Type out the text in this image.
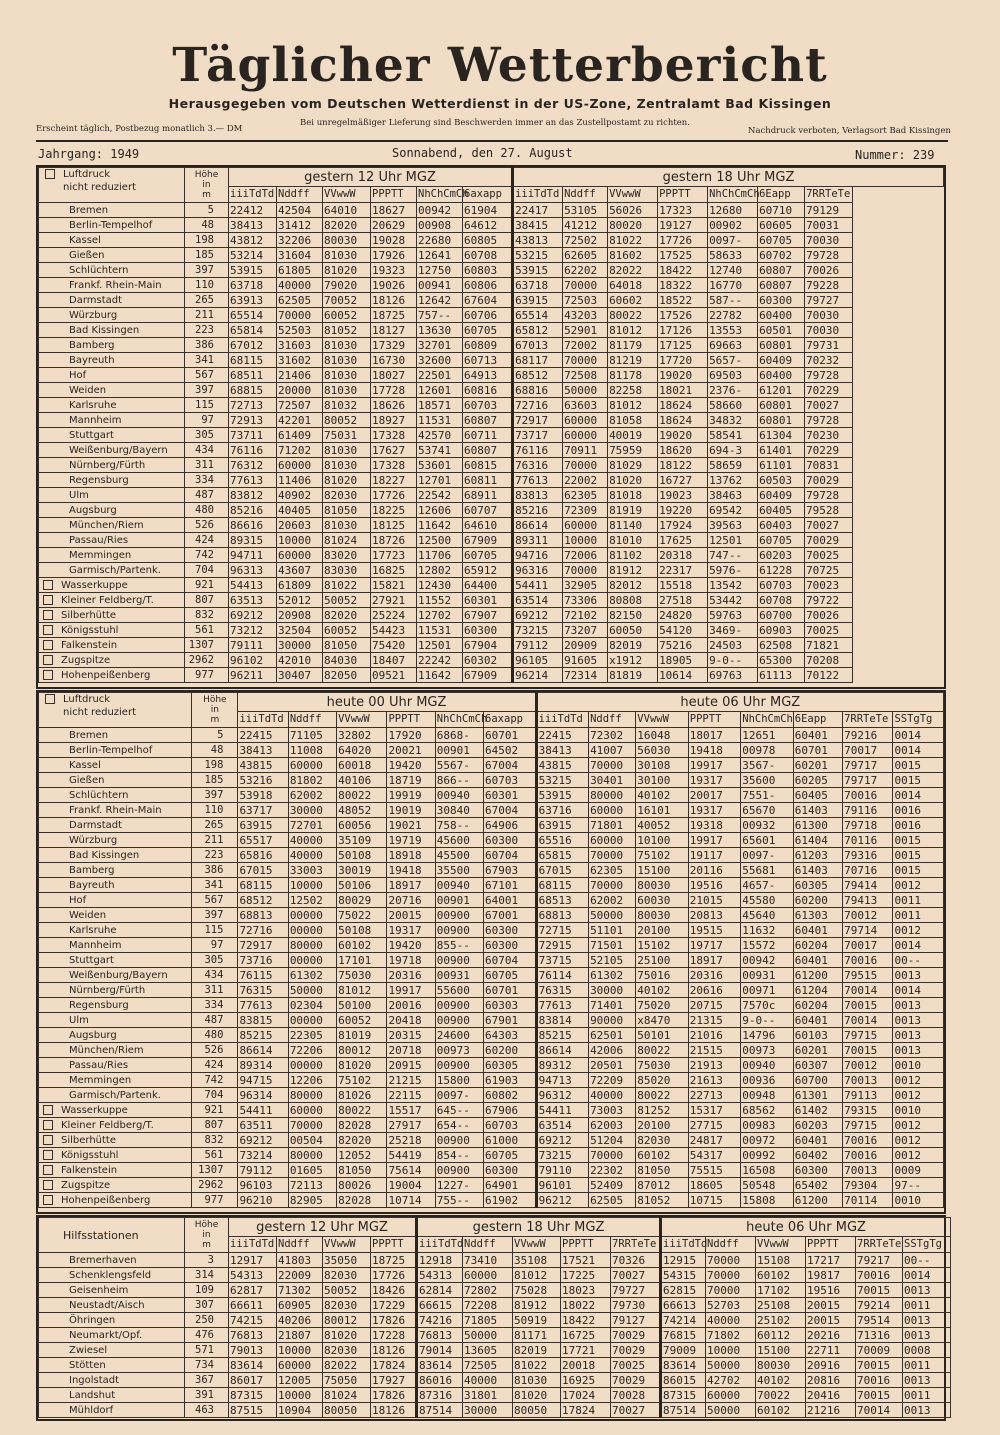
Täglicher Wetterbericht
Herausgegeben vom Deutschen Wetterdienst in der US-Zone, Zentralamt Bad Kissingen
Erscheint täglich, Postbezug monatlich 3.— DM
Bei unregelmäßiger Lieferung sind Beschwerden immer an das Zustellpostamt zu richten.
Nachdruck verboten, Verlagsort Bad Kissingen
Jahrgang: 1949	Sonnabend, den 27. August	Nummer: 239
Luftdruck
nicht reduziert	Höhe
in
m	gestern 12 Uhr MGZ						gestern 18 Uhr MGZ						
		iiiTdTd	Nddff	VVwwW	PPPTT	NhChCmCh	6axapp	iiiTdTd	Nddff	VVwwW	PPPTT	NhChCmCh	6Eapp	7RRTeTe
Bremen	5	22412	42504	64010	18627	00942	61904	22417	53105	56026	17323	12680	60710	79129
Berlin-Tempelhof	48	38413	31412	82020	20629	00908	64612	38415	41212	80020	19127	00902	60605	70031
Kassel	198	43812	32206	80030	19028	22680	60805	43813	72502	81022	17726	0097-	60705	70030
Gießen	185	53214	31604	81030	17926	12641	60708	53215	62605	81602	17525	58633	60702	79728
Schlüchtern	397	53915	61805	81020	19323	12750	60803	53915	62202	82022	18422	12740	60807	70026
Frankf. Rhein-Main	110	63718	40000	79020	19026	00941	60806	63718	70000	64018	18322	16770	60807	79228
Darmstadt	265	63913	62505	70052	18126	12642	67604	63915	72503	60602	18522	587--	60300	79727
Würzburg	211	65514	70000	60052	18725	757--	60706	65514	43203	80022	17526	22782	60400	70030
Bad Kissingen	223	65814	52503	81052	18127	13630	60705	65812	52901	81012	17126	13553	60501	70030
Bamberg	386	67012	31603	81030	17329	32701	60809	67013	72002	81179	17125	69663	60801	79731
Bayreuth	341	68115	31602	81030	16730	32600	60713	68117	70000	81219	17720	5657-	60409	70232
Hof	567	68511	21406	81030	18027	22501	64913	68512	72508	81178	19020	69503	60400	79728
Weiden	397	68815	20000	81030	17728	12601	60816	68816	50000	82258	18021	2376-	61201	70229
Karlsruhe	115	72713	72507	81032	18626	18571	60703	72716	63603	81012	18624	58660	60801	70027
Mannheim	97	72913	42201	80052	18927	11531	60807	72917	60000	81058	18624	34832	60801	79728
Stuttgart	305	73711	61409	75031	17328	42570	60711	73717	60000	40019	19020	58541	61304	70230
Weißenburg/Bayern	434	76116	71202	81030	17627	53741	60807	76116	70911	75959	18620	694-3	61401	70229
Nürnberg/Fürth	311	76312	60000	81030	17328	53601	60815	76316	70000	81029	18122	58659	61101	70831
Regensburg	334	77613	11406	81020	18227	12701	60811	77613	22002	81020	16727	13762	60503	70029
Ulm	487	83812	40902	82030	17726	22542	68911	83813	62305	81018	19023	38463	60409	79728
Augsburg	480	85216	40405	81050	18225	12606	60707	85216	72309	81919	19220	69542	60405	79528
München/Riem	526	86616	20603	81030	18125	11642	64610	86614	60000	81140	17924	39563	60403	70027
Passau/Ries	424	89315	10000	81024	18726	12500	67909	89311	10000	81010	17625	12501	60705	70029
Memmingen	742	94711	60000	83020	17723	11706	60705	94716	72006	81102	20318	747--	60203	70025
Garmisch/Partenk.	704	96313	43607	83030	16825	12802	65912	96316	70000	81912	22317	5976-	61228	70725
Wasserkuppe	921	54413	61809	81022	15821	12430	64400	54411	32905	82012	15518	13542	60703	70023
Kleiner Feldberg/T.	807	63513	52012	50052	27921	11552	60301	63514	73306	80808	27518	53442	60708	79722
Silberhütte	832	69212	20908	82020	25224	12702	67907	69212	72102	82150	24820	59763	60700	70026
Königsstuhl	561	73212	32504	60052	54423	11531	60300	73215	73207	60050	54120	3469-	60903	70025
Falkenstein	1307	79111	30000	81050	75420	12501	67904	79112	20909	82019	75216	24503	62508	71821
Zugspitze	2962	96102	42010	84030	18407	22242	60302	96105	91605	x1912	18905	9-0--	65300	70208
Hohenpeißenberg	977	96211	30407	82050	09521	11642	67909	96214	72314	81819	10614	69763	61113	70122
Luftdruck
nicht reduziert	Höhe
in
m	heute 00 Uhr MGZ						heute 06 Uhr MGZ							
		iiiTdTd	Nddff	VVwwW	PPPTT	NhChCmCh	6axapp	iiiTdTd	Nddff	VVwwW	PPPTT	NhChCmCh	6Eapp	7RRTeTe	SSTgTg
Bremen	5	22415	71105	32802	17920	6868-	60701	22415	72302	16048	18017	12651	60401	79216	0014
Berlin-Tempelhof	48	38413	11008	64020	20021	00901	64502	38413	41007	56030	19418	00978	60701	70017	0014
Kassel	198	43815	60000	60018	19420	5567-	67004	43815	70000	30108	19917	3567-	60201	79717	0015
Gießen	185	53216	81802	40106	18719	866--	60703	53215	30401	30100	19317	35600	60205	79717	0015
Schlüchtern	397	53918	62002	80022	19919	00940	60301	53915	80000	40102	20017	7551-	60405	70016	0014
Frankf. Rhein-Main	110	63717	30000	48052	19019	30840	67004	63716	60000	16101	19317	65670	61403	79116	0016
Darmstadt	265	63915	72701	60056	19021	758--	64906	63915	71801	40052	19318	00932	61300	79718	0016
Würzburg	211	65517	40000	35109	19719	45600	60300	65516	60000	10100	19917	65601	61404	70116	0015
Bad Kissingen	223	65816	40000	50108	18918	45500	60704	65815	70000	75102	19117	0097-	61203	79316	0015
Bamberg	386	67015	33003	30019	19418	35500	67903	67015	62305	15100	20116	55681	61403	70716	0015
Bayreuth	341	68115	10000	50106	18917	00940	67101	68115	70000	80030	19516	4657-	60305	79414	0012
Hof	567	68512	12502	80029	20716	00901	64001	68513	62002	60030	21015	45580	60200	79413	0011
Weiden	397	68813	00000	75022	20015	00900	67001	68813	50000	80030	20813	45640	61303	70012	0011
Karlsruhe	115	72716	00000	50108	19317	00900	60300	72715	51101	20100	19515	11632	60401	79714	0012
Mannheim	97	72917	80000	60102	19420	855--	60300	72915	71501	15102	19717	15572	60204	70017	0014
Stuttgart	305	73716	00000	17101	19718	00900	60704	73715	52105	25100	18917	00942	60401	70016	00--
Weißenburg/Bayern	434	76115	61302	75030	20316	00931	60705	76114	61302	75016	20316	00931	61200	79515	0013
Nürnberg/Fürth	311	76315	50000	81012	19917	55600	60701	76315	30000	40102	20616	00971	61204	70014	0014
Regensburg	334	77613	02304	50100	20016	00900	60303	77613	71401	75020	20715	7570c	60204	70015	0013
Ulm	487	83815	00000	60052	20418	00900	67901	83814	90000	x8470	21315	9-0--	60401	70014	0013
Augsburg	480	85215	22305	81019	20315	24600	64303	85215	62501	50101	21016	14796	60103	79715	0013
München/Riem	526	86614	72206	80012	20718	00973	60200	86614	42006	80022	21515	00973	60201	70015	0013
Passau/Ries	424	89314	00000	81020	20915	00900	60305	89312	20501	75030	21913	00940	60307	70012	0010
Memmingen	742	94715	12206	75102	21215	15800	61903	94713	72209	85020	21613	00936	60700	70013	0012
Garmisch/Partenk.	704	96314	80000	81026	22115	0097-	60802	96312	40000	80022	22713	00948	61301	79113	0012
Wasserkuppe	921	54411	60000	80022	15517	645--	67906	54411	73003	81252	15317	68562	61402	79315	0010
Kleiner Feldberg/T.	807	63511	70000	82028	27917	654--	60703	63514	62003	20100	27715	00983	60203	79715	0012
Silberhütte	832	69212	00504	82020	25218	00900	61000	69212	51204	82030	24817	00972	60401	70016	0012
Königsstuhl	561	73214	80000	12052	54419	854--	60705	73215	70000	60102	54317	00992	60402	70016	0012
Falkenstein	1307	79112	01605	81050	75614	00900	60300	79110	22302	81050	75515	16508	60300	70013	0009
Zugspitze	2962	96103	72113	80026	19004	1227-	64901	96101	52409	87012	18605	50548	65402	79304	97--
Hohenpeißenberg	977	96210	82905	82028	10714	755--	61902	96212	62505	81052	10715	15808	61200	70114	0010
Hilfsstationen	Höhe
in
m	gestern 12 Uhr MGZ				gestern 18 Uhr MGZ					heute 06 Uhr MGZ					
		iiiTdTd	Nddff	VVwwW	PPPTT	iiiTdTd	Nddff	VVwwW	PPPTT	7RRTeTe	iiiTdTd	Nddff	VVwwW	PPPTT	7RRTeTe	SSTgTg
Bremerhaven	3	12917	41803	35050	18725	12918	73410	35108	17521	70326	12915	70000	15108	17217	79217	00--
Schenklengsfeld	314	54313	22009	82030	17726	54313	60000	81012	17225	70027	54315	70000	60102	19817	70016	0014
Geisenheim	109	62817	71302	50052	18426	62814	72802	75028	18023	79727	62815	70000	17102	19516	70015	0013
Neustadt/Aisch	307	66611	60905	82030	17229	66615	72208	81912	18022	79730	66613	52703	25108	20015	79214	0011
Öhringen	250	74215	40206	80012	17826	74216	71805	50919	18422	79127	74214	40000	25102	20015	79514	0013
Neumarkt/Opf.	476	76813	21807	81020	17228	76813	50000	81171	16725	70029	76815	71802	60112	20216	71316	0013
Zwiesel	571	79013	10000	82030	18126	79014	13605	82019	17721	70029	79009	10000	15100	22711	70009	0008
Stötten	734	83614	60000	82022	17824	83614	72505	81022	20018	70025	83614	50000	80030	20916	70015	0011
Ingolstadt	367	86017	12005	75050	17927	86016	40000	81030	16925	70029	86015	42702	40102	20816	70016	0013
Landshut	391	87315	10000	81024	17826	87316	31801	81020	17024	70028	87315	60000	70022	20416	70015	0011
Mühldorf	463	87515	10904	80050	18126	87514	30000	80050	17824	70027	87514	50000	60102	21216	70014	0013
